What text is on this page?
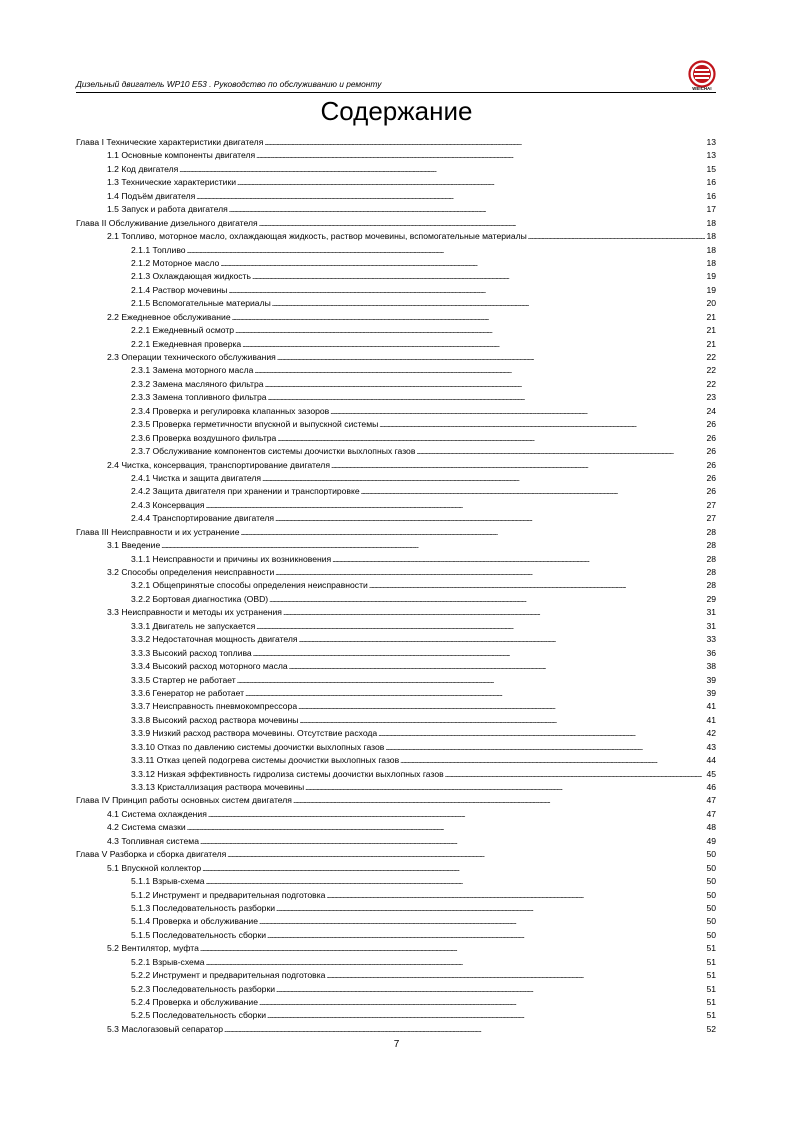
Дизельный двигатель WP10 E53 . Руководство по обслуживанию и ремонту	WEICHAI
Содержание
Глава I Технические характеристики двигателя . . .	13
1.1 Основные компоненты двигателя . . .	13
1.2 Код двигателя . . .	15
1.3 Технические характеристики . . .	16
1.4 Подъём двигателя . . .	16
1.5 Запуск и работа двигателя . . .	17
Глава II Обслуживание дизельного двигателя . . .	18
2.1 Топливо, моторное масло, охлаждающая жидкость, раствор мочевины, вспомогательные материалы . . .	18
2.1.1 Топливо . . .	18
2.1.2 Моторное масло . . .	18
2.1.3 Охлаждающая жидкость . . .	19
2.1.4 Раствор мочевины . . .	19
2.1.5 Вспомогательные материалы . . .	20
2.2 Ежедневное обслуживание . . .	21
2.2.1 Ежедневный осмотр . . .	21
2.2.1 Ежедневная проверка . . .	21
2.3 Операции технического обслуживания . . .	22
2.3.1 Замена моторного масла . . .	22
2.3.2 Замена масляного фильтра . . .	22
2.3.3 Замена топливного фильтра . . .	23
2.3.4 Проверка и регулировка клапанных зазоров . . .	24
2.3.5 Проверка герметичности впускной и выпускной системы . . .	26
2.3.6 Проверка воздушного фильтра . . .	26
2.3.7 Обслуживание компонентов системы доочистки выхлопных газов . . .	26
2.4 Чистка, консервация, транспортирование двигателя . . .	26
2.4.1 Чистка и защита двигателя . . .	26
2.4.2 Защита двигателя при хранении и транспортировке . . .	26
2.4.3 Консервация . . .	27
2.4.4 Транспортирование двигателя . . .	27
Глава III Неисправности и их устранение . . .	28
3.1 Введение . . .	28
3.1.1 Неисправности и причины их возникновения . . .	28
3.2 Способы определения неисправности . . .	28
3.2.1 Общепринятые способы определения неисправности . . .	28
3.2.2 Бортовая диагностика (OBD) . . .	29
3.3 Неисправности и методы их устранения . . .	31
3.3.1 Двигатель не запускается . . .	31
3.3.2 Недостаточная мощность двигателя . . .	33
3.3.3 Высокий расход топлива . . .	36
3.3.4 Высокий расход моторного масла . . .	38
3.3.5 Стартер не работает . . .	39
3.3.6 Генератор не работает . . .	39
3.3.7 Неисправность пневмокомпрессора . . .	41
3.3.8 Высокий расход раствора мочевины . . .	41
3.3.9 Низкий расход раствора мочевины. Отсутствие расхода . . .	42
3.3.10 Отказ по давлению системы доочистки выхлопных газов . . .	43
3.3.11 Отказ цепей подогрева системы доочистки выхлопных газов . . .	44
3.3.12 Низкая эффективность гидролиза системы доочистки выхлопных газов . . .	45
3.3.13 Кристаллизация раствора мочевины . . .	46
Глава IV Принцип работы основных систем двигателя . . .	47
4.1 Система охлаждения . . .	47
4.2 Система смазки . . .	48
4.3 Топливная система . . .	49
Глава V Разборка и сборка двигателя . . .	50
5.1 Впускной коллектор . . .	50
5.1.1 Взрыв-схема . . .	50
5.1.2 Инструмент и предварительная подготовка . . .	50
5.1.3 Последовательность разборки . . .	50
5.1.4 Проверка и обслуживание . . .	50
5.1.5 Последовательность сборки . . .	50
5.2 Вентилятор, муфта . . .	51
5.2.1 Взрыв-схема . . .	51
5.2.2 Инструмент и предварительная подготовка . . .	51
5.2.3 Последовательность разборки . . .	51
5.2.4 Проверка и обслуживание . . .	51
5.2.5 Последовательность сборки . . .	51
5.3 Маслогазовый сепаратор . . .	52
7
